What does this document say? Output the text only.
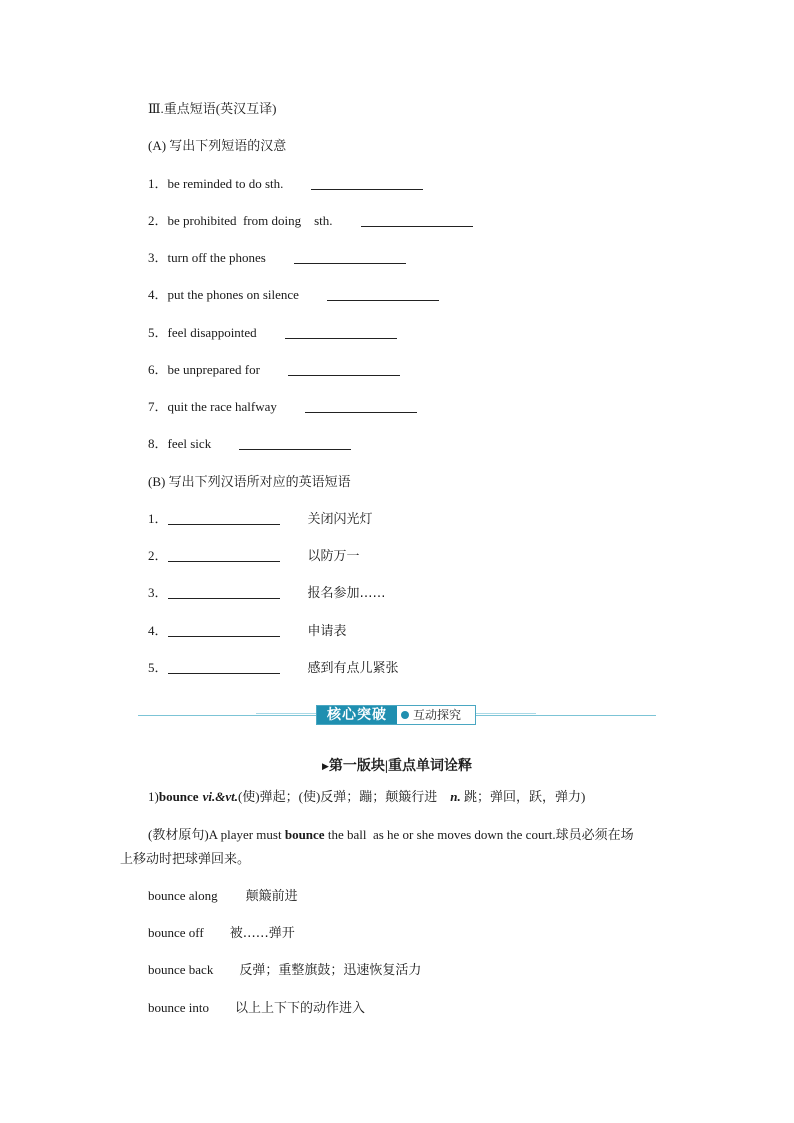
Ⅲ.重点短语(英汉互译)
(A) 写出下列短语的汉意
1．be reminded to do sth.
2．be prohibited  from doing    sth.
3．turn off the phones
4．put the phones on silence
5．feel disappointed
6．be unprepared for
7．quit the race halfway
8．feel sick
(B) 写出下列汉语所对应的英语短语
1．	关闭闪光灯
2．	以防万一
3．	报名参加……
4．	申请表
5．	感到有点儿紧张
核心突破	互动探究
▶第一版块|重点单词诠释
1)bounce vi.&vt.(使)弹起；(使)反弹；蹦；颠簸行进　n. 跳；弹回，跃，弹力)
(教材原句)A player must bounce the ball  as he or she moves down the court.球员必须在场
上移动时把球弹回来。
bounce along 颠簸前进
bounce off 被……弹开
bounce back 反弹；重整旗鼓；迅速恢复活力
bounce into 以上上下下的动作进入
